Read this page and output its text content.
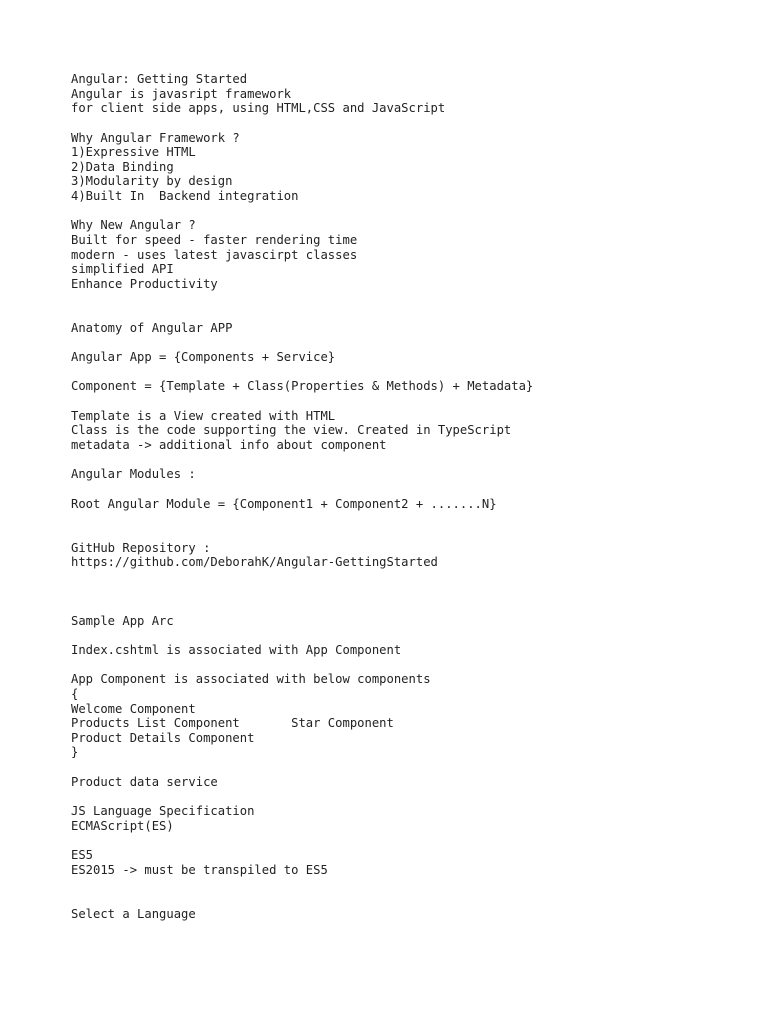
Angular: Getting Started
Angular is javasript framework
for client side apps, using HTML,CSS and JavaScript
Why Angular Framework ?
1)Expressive HTML
2)Data Binding
3)Modularity by design
4)Built In  Backend integration
Why New Angular ?
Built for speed - faster rendering time
modern - uses latest javascirpt classes
simplified API
Enhance Productivity
Anatomy of Angular APP
Angular App = {Components + Service}
Component = {Template + Class(Properties & Methods) + Metadata}
Template is a View created with HTML
Class is the code supporting the view. Created in TypeScript
metadata -> additional info about component
Angular Modules :
Root Angular Module = {Component1 + Component2 + .......N}
GitHub Repository :
https://github.com/DeborahK/Angular-GettingStarted
Sample App Arc
Index.cshtml is associated with App Component
App Component is associated with below components
{
Welcome Component
Products List Component       Star Component
Product Details Component
}
Product data service
JS Language Specification
ECMAScript(ES)
ES5
ES2015 -> must be transpiled to ES5
Select a Language
